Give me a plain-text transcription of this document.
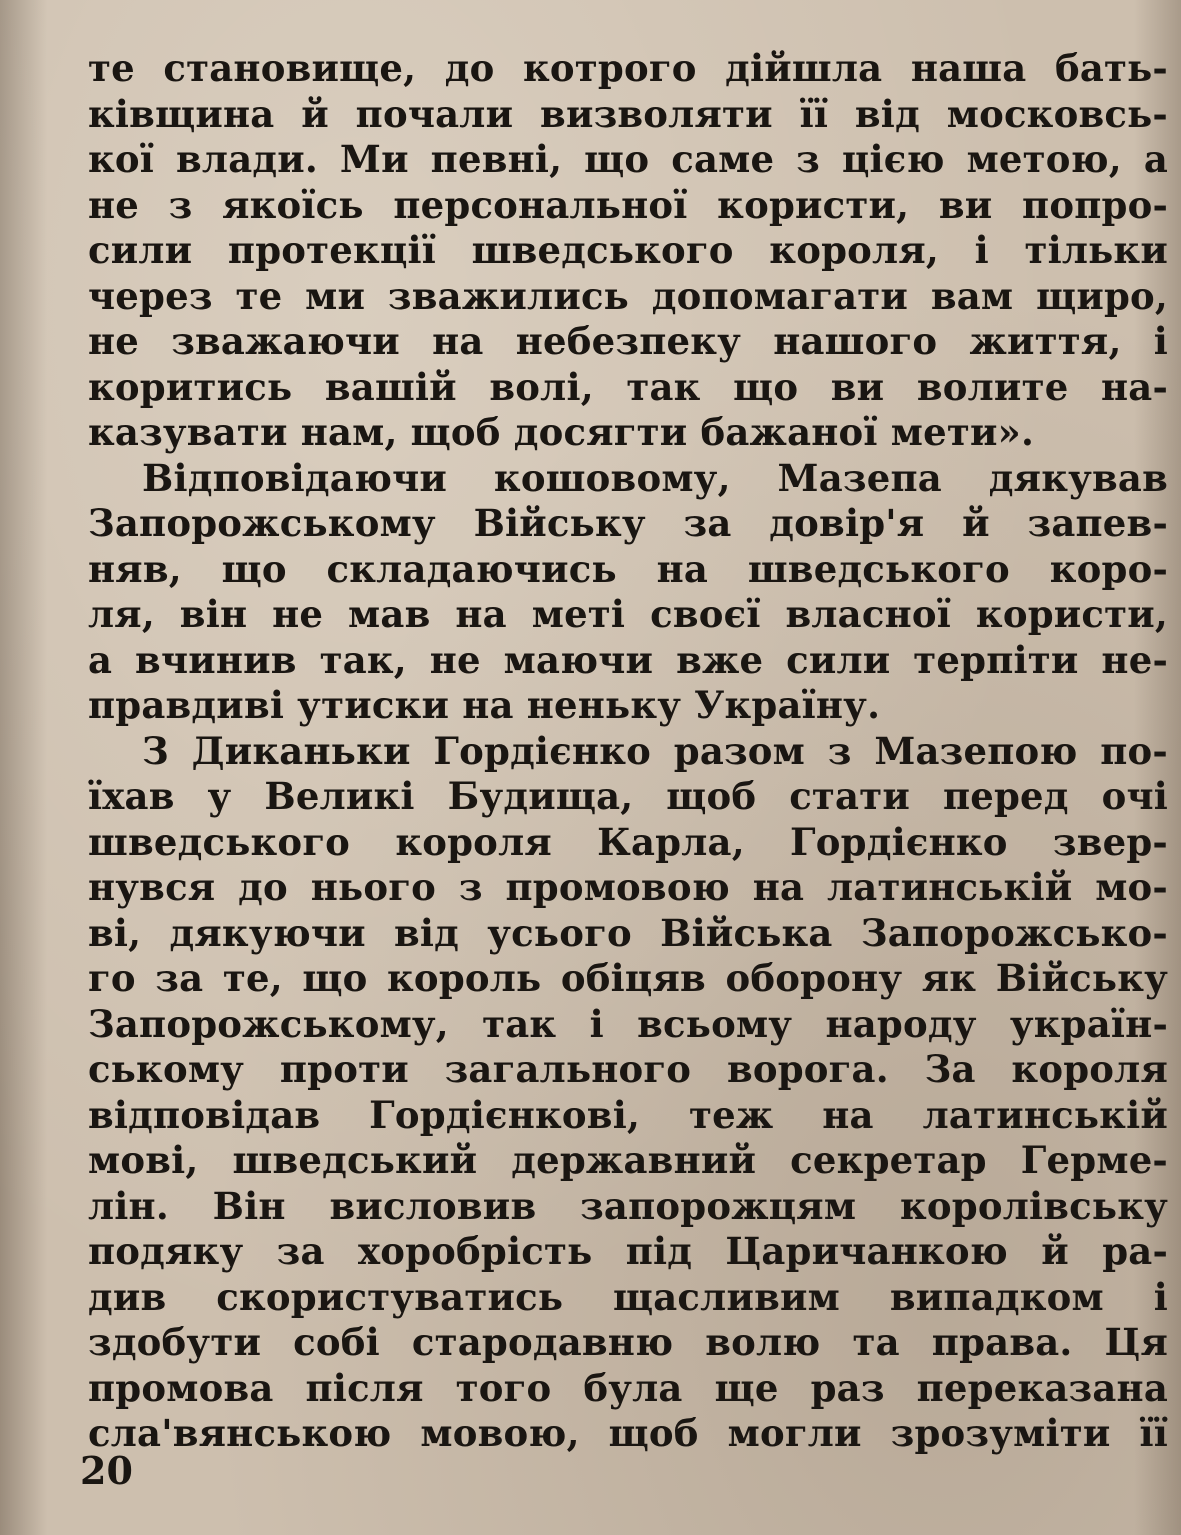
те становище, до котрого дійшла наша бать-
ківщина й почали визволяти її від московсь-
кої влади. Ми певні, що саме з цією метою, а
не з якоїсь персональної користи, ви попро-
сили протекції шведського короля, і тільки
через те ми зважились допомагати вам щиро,
не зважаючи на небезпеку нашого життя, і
коритись вашій волі, так що ви волите на-
казувати нам, щоб досягти бажаної мети».
Відповідаючи кошовому, Мазепа дякував
Запорожському Війську за довір'я й запев-
няв, що складаючись на шведського коро-
ля, він не мав на меті своєї власної користи,
а вчинив так, не маючи вже сили терпіти не-
правдиві утиски на неньку Україну.
З Диканьки Гордієнко разом з Мазепою по-
їхав у Великі Будища, щоб стати перед очі
шведського короля Карла, Гордієнко звер-
нувся до нього з промовою на латинській мо-
ві, дякуючи від усього Війська Запорожсько-
го за те, що король обіцяв оборону як Війську
Запорожському, так і всьому народу україн-
ському проти загального ворога. За короля
відповідав Гордієнкові, теж на латинській
мові, шведський державний секретар Герме-
лін. Він висловив запорожцям королівську
подяку за хоробрість під Царичанкою й ра-
див скористуватись щасливим випадком і
здобути собі стародавню волю та права. Ця
промова після того була ще раз переказана
сла'вянською мовою, щоб могли зрозуміти її
20
